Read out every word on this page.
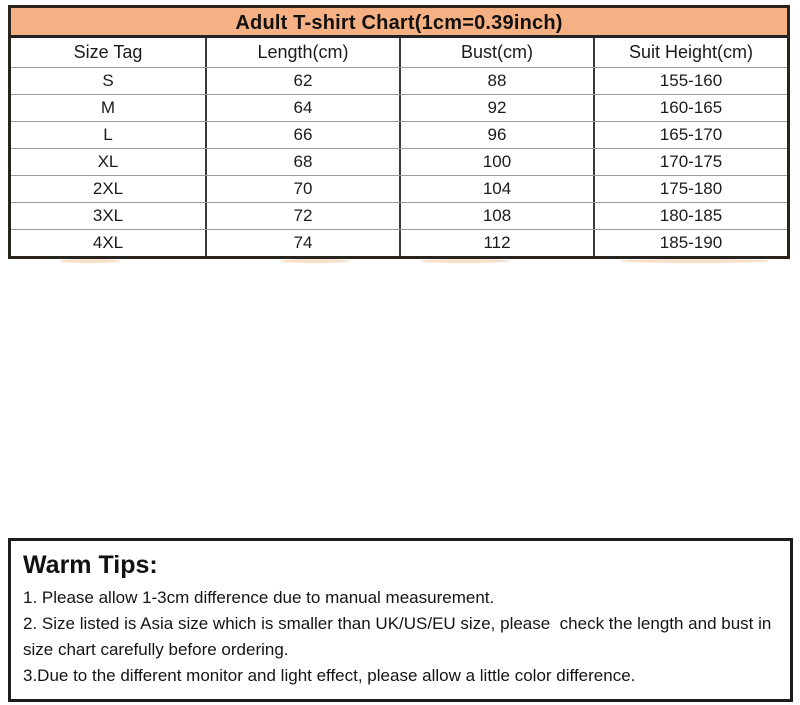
Adult T-shirt Chart(1cm=0.39inch)
Size Tag	Length(cm)	Bust(cm)	Suit Height(cm)
S	62	88	155-160
M	64	92	160-165
L	66	96	165-170
XL	68	100	170-175
2XL	70	104	175-180
3XL	72	108	180-185
4XL	74	112	185-190
Warm Tips:
1. Please allow 1-3cm difference due to manual measurement.
2. Size listed is Asia size which is smaller than UK/US/EU size, please  check the length and bust in
size chart carefully before ordering.
3.Due to the different monitor and light effect, please allow a little color difference.
